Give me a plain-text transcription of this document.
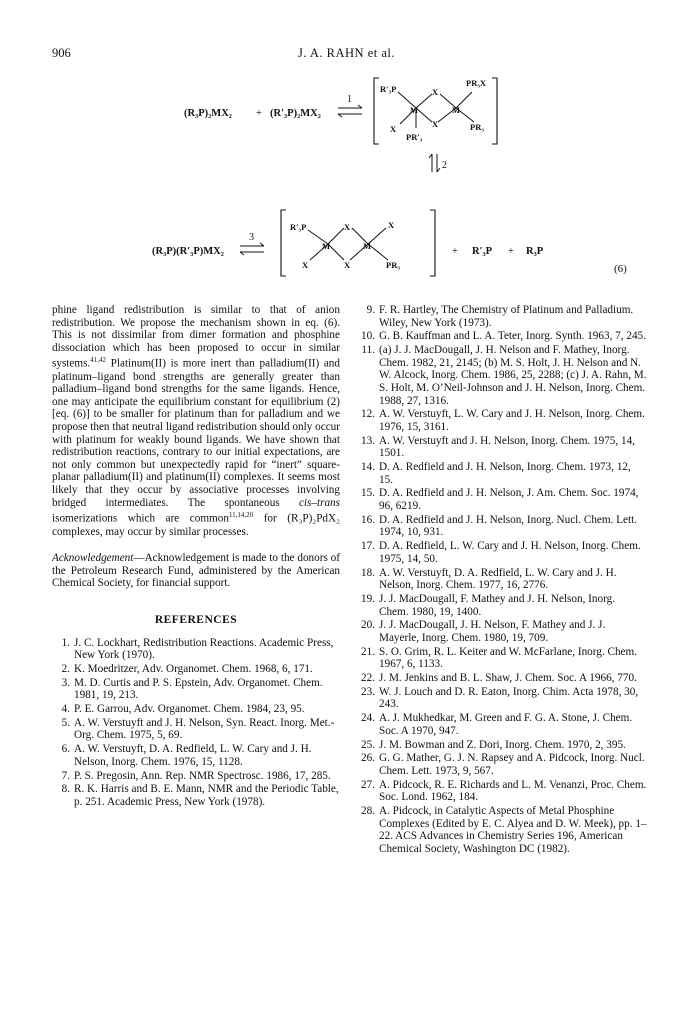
906	J. A. RAHN et al.
(R₃P)₂MX₂ + (R′₃P)₂MX₂
1
PR₃X
R′₃P	X
X
M	M
X	PR₃
PR′₃
2
(R₃P)(R′₃P)MX₂
3
R′₃P	X	X
M	M
X	X	PR₃
+ R′₃P + R₃P
(6)

phine ligand redistribution is similar to that of anion redistribution. We propose the mechanism shown in eq. (6). This is not dissimilar from dimer formation and phosphine dissociation which has been proposed to occur in similar systems.$^{41,42}$ Platinum(II) is more inert than palladium(II) and platinum–ligand bond strengths are generally greater than palladium–ligand bond strengths for the same ligands. Hence, one may anticipate the equilibrium constant for equilibrium (2) [eq. (6)] to be smaller for platinum than for palladium and we propose then that neutral ligand redistribution should only occur with platinum for weakly bound ligands. We have shown that redistribution reactions, contrary to our initial expectations, are not only common but unexpectedly rapid for “inert” square-planar palladium(II) and platinum(II) complexes. It seems most likely that they occur by associative processes involving bridged intermediates. The spontaneous cis–trans isomerizations which are common$^{11,14,20}$ for (R₃P)₂PdX₂ complexes, may occur by similar processes.

Acknowledgement—Acknowledgement is made to the donors of the Petroleum Research Fund, administered by the American Chemical Society, for financial support.

REFERENCES

1. J. C. Lockhart, Redistribution Reactions. Academic Press, New York (1970).
2. K. Moedritzer, Adv. Organomet. Chem. 1968, 6, 171.
3. M. D. Curtis and P. S. Epstein, Adv. Organomet. Chem. 1981, 19, 213.
4. P. E. Garrou, Adv. Organomet. Chem. 1984, 23, 95.
5. A. W. Verstuyft and J. H. Nelson, Syn. React. Inorg. Met.-Org. Chem. 1975, 5, 69.
6. A. W. Verstuyft, D. A. Redfield, L. W. Cary and J. H. Nelson, Inorg. Chem. 1976, 15, 1128.
7. P. S. Pregosin, Ann. Rep. NMR Spectrosc. 1986, 17, 285.
8. R. K. Harris and B. E. Mann, NMR and the Periodic Table, p. 251. Academic Press, New York (1978).
9. F. R. Hartley, The Chemistry of Platinum and Palladium. Wiley, New York (1973).
10. G. B. Kauffman and L. A. Teter, Inorg. Synth. 1963, 7, 245.
11. (a) J. J. MacDougall, J. H. Nelson and F. Mathey, Inorg. Chem. 1982, 21, 2145; (b) M. S. Holt, J. H. Nelson and N. W. Alcock, Inorg. Chem. 1986, 25, 2288; (c) J. A. Rahn, M. S. Holt, M. O’Neil-Johnson and J. H. Nelson, Inorg. Chem. 1988, 27, 1316.
12. A. W. Verstuyft, L. W. Cary and J. H. Nelson, Inorg. Chem. 1976, 15, 3161.
13. A. W. Verstuyft and J. H. Nelson, Inorg. Chem. 1975, 14, 1501.
14. D. A. Redfield and J. H. Nelson, Inorg. Chem. 1973, 12, 15.
15. D. A. Redfield and J. H. Nelson, J. Am. Chem. Soc. 1974, 96, 6219.
16. D. A. Redfield and J. H. Nelson, Inorg. Nucl. Chem. Lett. 1974, 10, 931.
17. D. A. Redfield, L. W. Cary and J. H. Nelson, Inorg. Chem. 1975, 14, 50.
18. A. W. Verstuyft, D. A. Redfield, L. W. Cary and J. H. Nelson, Inorg. Chem. 1977, 16, 2776.
19. J. J. MacDougall, F. Mathey and J. H. Nelson, Inorg. Chem. 1980, 19, 1400.
20. J. J. MacDougall, J. H. Nelson, F. Mathey and J. J. Mayerle, Inorg. Chem. 1980, 19, 709.
21. S. O. Grim, R. L. Keiter and W. McFarlane, Inorg. Chem. 1967, 6, 1133.
22. J. M. Jenkins and B. L. Shaw, J. Chem. Soc. A 1966, 770.
23. W. J. Louch and D. R. Eaton, Inorg. Chim. Acta 1978, 30, 243.
24. A. J. Mukhedkar, M. Green and F. G. A. Stone, J. Chem. Soc. A 1970, 947.
25. J. M. Bowman and Z. Dori, Inorg. Chem. 1970, 2, 395.
26. G. G. Mather, G. J. N. Rapsey and A. Pidcock, Inorg. Nucl. Chem. Lett. 1973, 9, 567.
27. A. Pidcock, R. E. Richards and L. M. Venanzi, Proc. Chem. Soc. Lond. 1962, 184.
28. A. Pidcock, in Catalytic Aspects of Metal Phosphine Complexes (Edited by E. C. Alyea and D. W. Meek), pp. 1–22. ACS Advances in Chemistry Series 196, American Chemical Society, Washington DC (1982).
